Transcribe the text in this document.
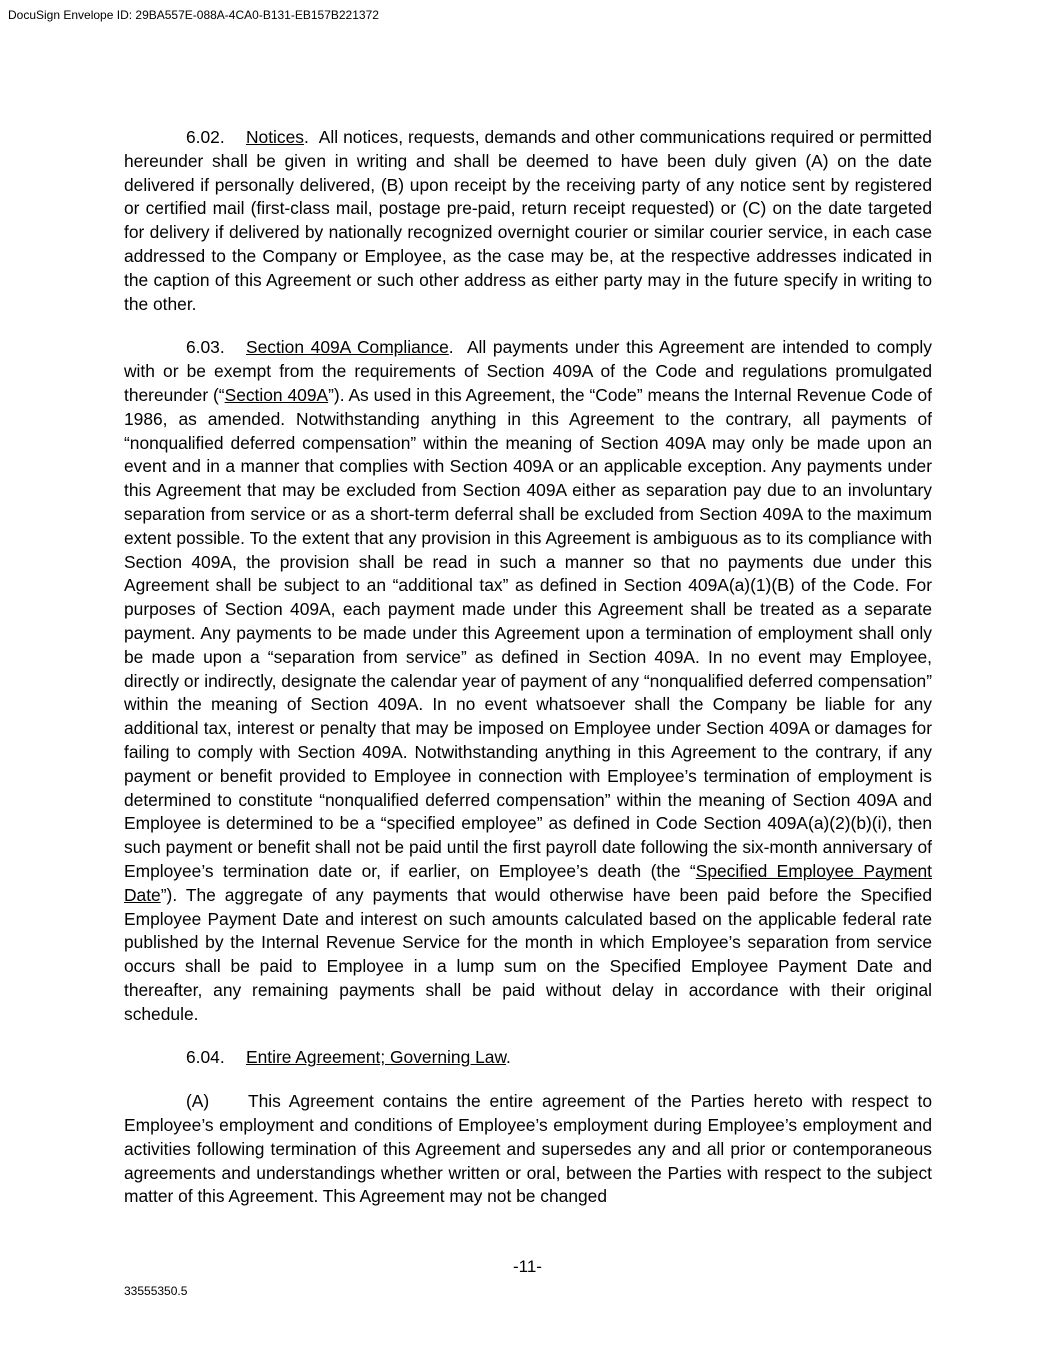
DocuSign Envelope ID: 29BA557E-088A-4CA0-B131-EB157B221372

6.02. Notices. All notices, requests, demands and other communications required or permitted hereunder shall be given in writing and shall be deemed to have been duly given (A) on the date delivered if personally delivered, (B) upon receipt by the receiving party of any notice sent by registered or certified mail (first-class mail, postage pre-paid, return receipt requested) or (C) on the date targeted for delivery if delivered by nationally recognized overnight courier or similar courier service, in each case addressed to the Company or Employee, as the case may be, at the respective addresses indicated in the caption of this Agreement or such other address as either party may in the future specify in writing to the other.

6.03. Section 409A Compliance. All payments under this Agreement are intended to comply with or be exempt from the requirements of Section 409A of the Code and regulations promulgated thereunder (“Section 409A”). As used in this Agreement, the “Code” means the Internal Revenue Code of 1986, as amended. Notwithstanding anything in this Agreement to the contrary, all payments of “nonqualified deferred compensation” within the meaning of Section 409A may only be made upon an event and in a manner that complies with Section 409A or an applicable exception. Any payments under this Agreement that may be excluded from Section 409A either as separation pay due to an involuntary separation from service or as a short-term deferral shall be excluded from Section 409A to the maximum extent possible. To the extent that any provision in this Agreement is ambiguous as to its compliance with Section 409A, the provision shall be read in such a manner so that no payments due under this Agreement shall be subject to an “additional tax” as defined in Section 409A(a)(1)(B) of the Code. For purposes of Section 409A, each payment made under this Agreement shall be treated as a separate payment. Any payments to be made under this Agreement upon a termination of employment shall only be made upon a “separation from service” as defined in Section 409A. In no event may Employee, directly or indirectly, designate the calendar year of payment of any “nonqualified deferred compensation” within the meaning of Section 409A. In no event whatsoever shall the Company be liable for any additional tax, interest or penalty that may be imposed on Employee under Section 409A or damages for failing to comply with Section 409A. Notwithstanding anything in this Agreement to the contrary, if any payment or benefit provided to Employee in connection with Employee’s termination of employment is determined to constitute “nonqualified deferred compensation” within the meaning of Section 409A and Employee is determined to be a “specified employee” as defined in Code Section 409A(a)(2)(b)(i), then such payment or benefit shall not be paid until the first payroll date following the six-month anniversary of Employee’s termination date or, if earlier, on Employee’s death (the “Specified Employee Payment Date”). The aggregate of any payments that would otherwise have been paid before the Specified Employee Payment Date and interest on such amounts calculated based on the applicable federal rate published by the Internal Revenue Service for the month in which Employee’s separation from service occurs shall be paid to Employee in a lump sum on the Specified Employee Payment Date and thereafter, any remaining payments shall be paid without delay in accordance with their original schedule.

6.04. Entire Agreement; Governing Law.

(A) This Agreement contains the entire agreement of the Parties hereto with respect to Employee’s employment and conditions of Employee’s employment during Employee’s employment and activities following termination of this Agreement and supersedes any and all prior or contemporaneous agreements and understandings whether written or oral, between the Parties with respect to the subject matter of this Agreement. This Agreement may not be changed

-11-
33555350.5
